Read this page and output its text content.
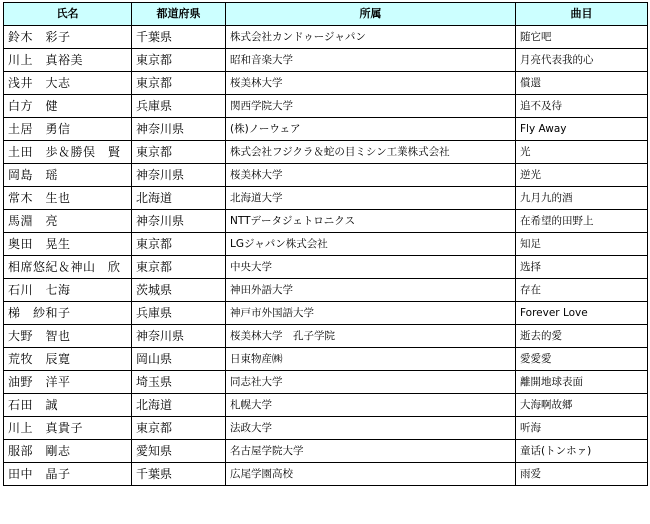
氏名	都道府県	所属	曲目
鈴木　彩子	千葉県	株式会社カンドゥージャパン	随它吧
川上　真裕美	東京都	昭和音楽大学	月亮代表我的心
浅井　大志	東京都	桜美林大学	償還
白方　健	兵庫県	関西学院大学	追不及待
土居　勇信	神奈川県	(株)ノーウェア	Fly Away
土田　歩＆勝俣　賢	東京都	株式会社フジクラ＆蛇の目ミシン工業株式会社	光
岡島　瑶	神奈川県	桜美林大学	逆光
常木　生也	北海道	北海道大学	九月九的酒
馬淵　亮	神奈川県	NTTデータジェトロニクス	在希望的田野上
奥田　晃生	東京都	LGジャパン株式会社	知足
相席悠紀＆神山　欣	東京都	中央大学	选择
石川　七海	茨城県	神田外語大学	存在
梯　紗和子	兵庫県	神戸市外国語大学	Forever Love
大野　智也	神奈川県	桜美林大学　孔子学院	逝去的愛
荒牧　辰寛	岡山県	日東物産㈱	愛愛愛
油野　洋平	埼玉県	同志社大学	離開地球表面
石田　誠	北海道	札幌大学	大海啊故郷
川上　真貴子	東京都	法政大学	听海
服部　剛志	愛知県	名古屋学院大学	童话(トンホァ)
田中　晶子	千葉県	広尾学園高校	雨爱
